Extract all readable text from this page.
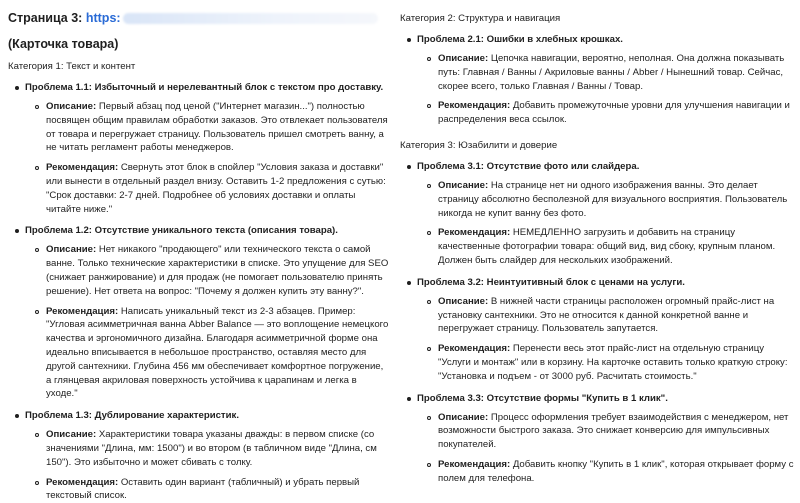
Страница 3: https:
(Карточка товара)
Категория 1: Текст и контент
Проблема 1.1: Избыточный и нерелевантный блок с текстом про доставку.
Описание: Первый абзац под ценой ("Интернет магазин...") полностью посвящен общим правилам обработки заказов. Это отвлекает пользователя от товара и перегружает страницу. Пользователь пришел смотреть ванну, а не читать регламент работы менеджеров.
Рекомендация: Свернуть этот блок в спойлер "Условия заказа и доставки" или вынести в отдельный раздел внизу. Оставить 1-2 предложения с сутью: "Срок доставки: 2-7 дней. Подробнее об условиях доставки и оплаты читайте ниже."
Проблема 1.2: Отсутствие уникального текста (описания товара).
Описание: Нет никакого "продающего" или технического текста о самой ванне. Только технические характеристики в списке. Это упущение для SEO (снижает ранжирование) и для продаж (не помогает пользователю принять решение). Нет ответа на вопрос: "Почему я должен купить эту ванну?".
Рекомендация: Написать уникальный текст из 2-3 абзацев. Пример: "Угловая асимметричная ванна Abber Balance — это воплощение немецкого качества и эргономичного дизайна. Благодаря асимметричной форме она идеально вписывается в небольшое пространство, оставляя место для другой сантехники. Глубина 456 мм обеспечивает комфортное погружение, а глянцевая акриловая поверхность устойчива к царапинам и легка в уходе."
Проблема 1.3: Дублирование характеристик.
Описание: Характеристики товара указаны дважды: в первом списке (со значениями "Длина, мм: 1500") и во втором (в табличном виде "Длина, см 150"). Это избыточно и может сбивать с толку.
Рекомендация: Оставить один вариант (табличный) и убрать первый текстовый список.
Категория 2: Структура и навигация
Проблема 2.1: Ошибки в хлебных крошках.
Описание: Цепочка навигации, вероятно, неполная. Она должна показывать путь: Главная / Ванны / Акриловые ванны / Abber / Нынешний товар. Сейчас, скорее всего, только Главная / Ванны / Товар.
Рекомендация: Добавить промежуточные уровни для улучшения навигации и распределения веса ссылок.
Категория 3: Юзабилити и доверие
Проблема 3.1: Отсутствие фото или слайдера.
Описание: На странице нет ни одного изображения ванны. Это делает страницу абсолютно бесполезной для визуального восприятия. Пользователь никогда не купит ванну без фото.
Рекомендация: НЕМЕДЛЕННО загрузить и добавить на страницу качественные фотографии товара: общий вид, вид сбоку, крупным планом. Должен быть слайдер для нескольких изображений.
Проблема 3.2: Неинтуитивный блок с ценами на услуги.
Описание: В нижней части страницы расположен огромный прайс-лист на установку сантехники. Это не относится к данной конкретной ванне и перегружает страницу. Пользователь запутается.
Рекомендация: Перенести весь этот прайс-лист на отдельную страницу "Услуги и монтаж" или в корзину. На карточке оставить только краткую строку: "Установка и подъем - от 3000 руб. Расчитать стоимость."
Проблема 3.3: Отсутствие формы "Купить в 1 клик".
Описание: Процесс оформления требует взаимодействия с менеджером, нет возможности быстрого заказа. Это снижает конверсию для импульсивных покупателей.
Рекомендация: Добавить кнопку "Купить в 1 клик", которая открывает форму с полем для телефона.
